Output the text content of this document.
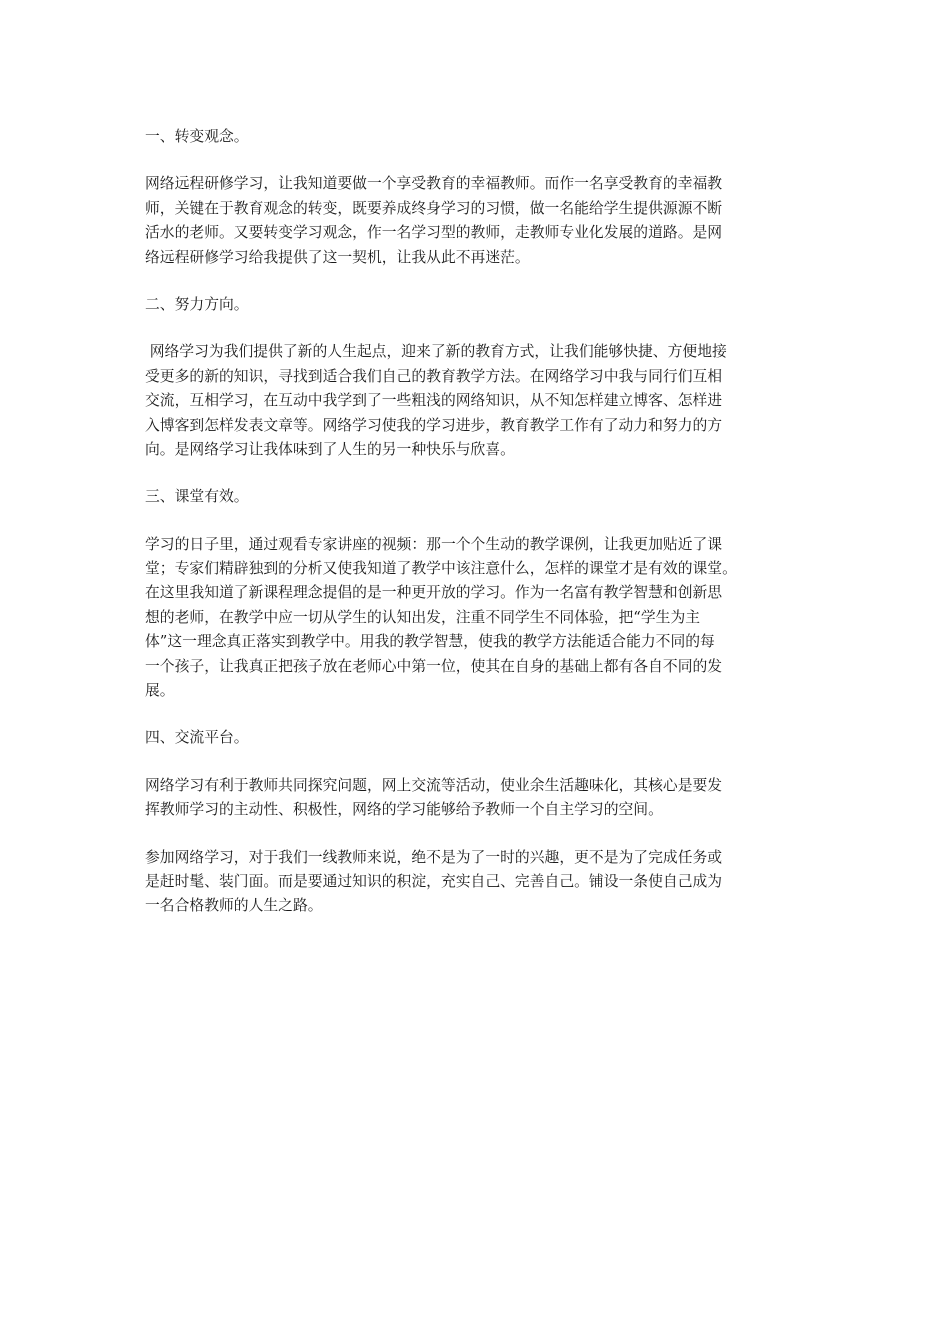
一、转变观念。
网络远程研修学习，让我知道要做一个享受教育的幸福教师。而作一名享受教育的幸福教
师，关键在于教育观念的转变，既要养成终身学习的习惯，做一名能给学生提供源源不断
活水的老师。又要转变学习观念，作一名学习型的教师，走教师专业化发展的道路。是网
络远程研修学习给我提供了这一契机，让我从此不再迷茫。
二、努力方向。
网络学习为我们提供了新的人生起点，迎来了新的教育方式，让我们能够快捷、方便地接
受更多的新的知识，寻找到适合我们自己的教育教学方法。在网络学习中我与同行们互相
交流，互相学习，在互动中我学到了一些粗浅的网络知识，从不知怎样建立博客、怎样进
入博客到怎样发表文章等。网络学习使我的学习进步，教育教学工作有了动力和努力的方
向。是网络学习让我体味到了人生的另一种快乐与欣喜。
三、课堂有效。
学习的日子里，通过观看专家讲座的视频：那一个个生动的教学课例，让我更加贴近了课
堂；专家们精辟独到的分析又使我知道了教学中该注意什么，怎样的课堂才是有效的课堂。
在这里我知道了新课程理念提倡的是一种更开放的学习。作为一名富有教学智慧和创新思
想的老师，在教学中应一切从学生的认知出发，注重不同学生不同体验，把“学生为主
体”这一理念真正落实到教学中。用我的教学智慧，使我的教学方法能适合能力不同的每
一个孩子，让我真正把孩子放在老师心中第一位，使其在自身的基础上都有各自不同的发
展。
四、交流平台。
网络学习有利于教师共同探究问题，网上交流等活动，使业余生活趣味化，其核心是要发
挥教师学习的主动性、积极性，网络的学习能够给予教师一个自主学习的空间。
参加网络学习，对于我们一线教师来说，绝不是为了一时的兴趣，更不是为了完成任务或
是赶时髦、装门面。而是要通过知识的积淀，充实自己、完善自己。铺设一条使自己成为
一名合格教师的人生之路。
